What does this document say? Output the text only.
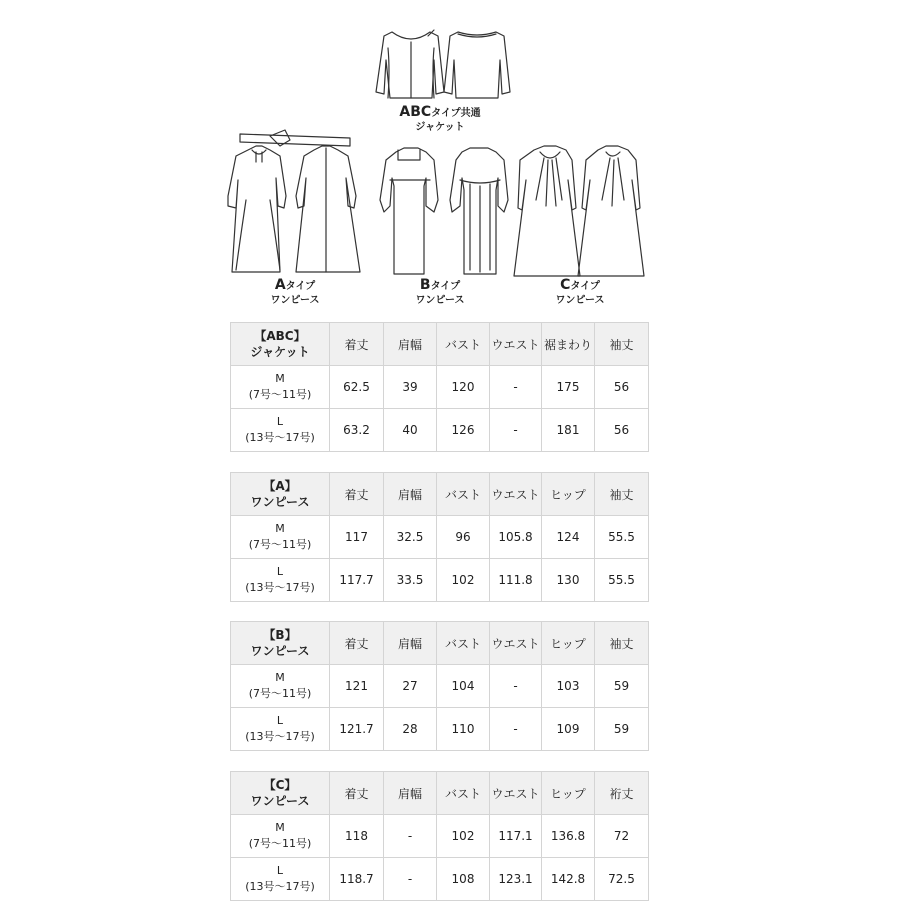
ABCタイプ共通
ジャケット
Aタイプ
ワンピース
Bタイプ
ワンピース
Cタイプ
ワンピース
【ABC】
ジャケット	着丈	肩幅	バスト	ウエスト	裾まわり	袖丈
M
(7号～11号)	62.5	39	120	-	175	56
L
(13号～17号)	63.2	40	126	-	181	56
【A】
ワンピース	着丈	肩幅	バスト	ウエスト	ヒップ	袖丈
M
(7号～11号)	117	32.5	96	105.8	124	55.5
L
(13号～17号)	117.7	33.5	102	111.8	130	55.5
【B】
ワンピース	着丈	肩幅	バスト	ウエスト	ヒップ	袖丈
M
(7号～11号)	121	27	104	-	103	59
L
(13号～17号)	121.7	28	110	-	109	59
【C】
ワンピース	着丈	肩幅	バスト	ウエスト	ヒップ	裄丈
M
(7号～11号)	118	-	102	117.1	136.8	72
L
(13号～17号)	118.7	-	108	123.1	142.8	72.5
